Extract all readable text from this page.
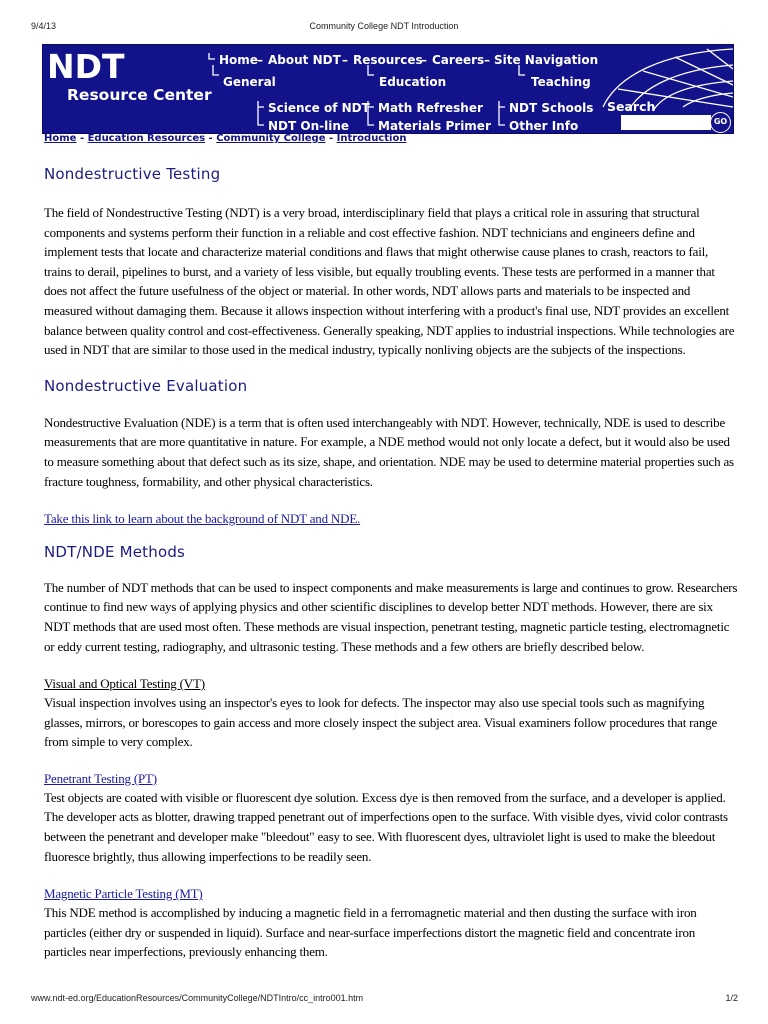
9/4/13	Community College NDT Introduction
NDT
Resource Center
Home – About NDT – Resources
– Careers – Site Navigation
General	Education	Teaching
Science of NDT
NDT On-line
Math Refresher
Materials Primer
NDT Schools
Other Info
Search
GO
Home - Education Resources - Community College - Introduction
Nondestructive Testing

The field of Nondestructive Testing (NDT) is a very broad, interdisciplinary field that plays a critical role in assuring that structural components and systems perform their function in a reliable and cost effective fashion. NDT technicians and engineers define and implement tests that locate and characterize material conditions and flaws that might otherwise cause planes to crash, reactors to fail, trains to derail, pipelines to burst, and a variety of less visible, but equally troubling events. These tests are performed in a manner that does not affect the future usefulness of the object or material. In other words, NDT allows parts and materials to be inspected and measured without damaging them. Because it allows inspection without interfering with a product's final use, NDT provides an excellent balance between quality control and cost-effectiveness. Generally speaking, NDT applies to industrial inspections. While technologies are used in NDT that are similar to those used in the medical industry, typically nonliving objects are the subjects of the inspections.

Nondestructive Evaluation

Nondestructive Evaluation (NDE) is a term that is often used interchangeably with NDT. However, technically, NDE is used to describe measurements that are more quantitative in nature. For example, a NDE method would not only locate a defect, but it would also be used to measure something about that defect such as its size, shape, and orientation. NDE may be used to determine material properties such as fracture toughness, formability, and other physical characteristics.

Take this link to learn about the background of NDT and NDE.

NDT/NDE Methods

The number of NDT methods that can be used to inspect components and make measurements is large and continues to grow. Researchers continue to find new ways of applying physics and other scientific disciplines to develop better NDT methods. However, there are six NDT methods that are used most often. These methods are visual inspection, penetrant testing, magnetic particle testing, electromagnetic or eddy current testing, radiography, and ultrasonic testing. These methods and a few others are briefly described below.

Visual and Optical Testing (VT)

Visual inspection involves using an inspector's eyes to look for defects. The inspector may also use special tools such as magnifying glasses, mirrors, or borescopes to gain access and more closely inspect the subject area. Visual examiners follow procedures that range from simple to very complex.

Penetrant Testing (PT)

Test objects are coated with visible or fluorescent dye solution. Excess dye is then removed from the surface, and a developer is applied. The developer acts as blotter, drawing trapped penetrant out of imperfections open to the surface. With visible dyes, vivid color contrasts between the penetrant and developer make "bleedout" easy to see. With fluorescent dyes, ultraviolet light is used to make the bleedout fluoresce brightly, thus allowing imperfections to be readily seen.

Magnetic Particle Testing (MT)

This NDE method is accomplished by inducing a magnetic field in a ferromagnetic material and then dusting the surface with iron particles (either dry or suspended in liquid). Surface and near-surface imperfections distort the magnetic field and concentrate iron particles near imperfections, previously enhancing them.

www.ndt-ed.org/EducationResources/CommunityCollege/NDTIntro/cc_intro001.htm	1/2
